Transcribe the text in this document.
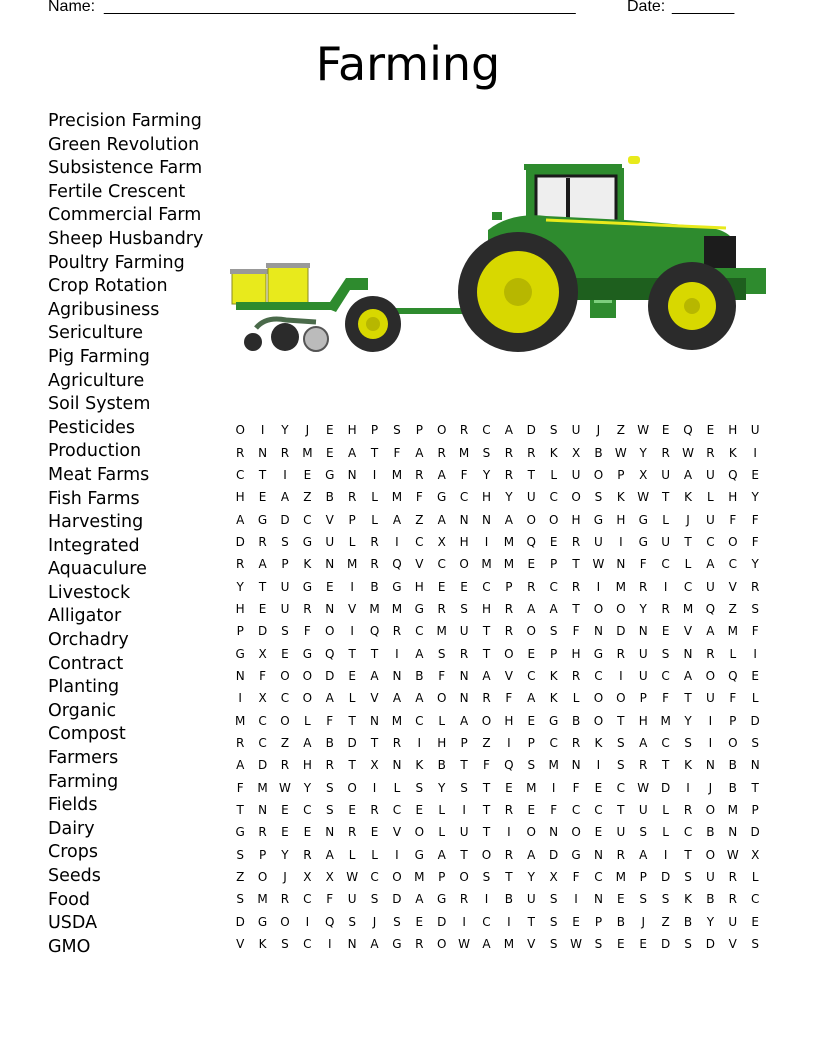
Name: _____________________________________________________	Date: _______
Farming
Precision Farming
Green Revolution
Subsistence Farm
Fertile Crescent
Commercial Farm
Sheep Husbandry
Poultry Farming
Crop Rotation
Agribusiness
Sericulture
Pig Farming
Agriculture
Soil System
Pesticides
Production
Meat Farms
Fish Farms
Harvesting
Integrated
Aquaculure
Livestock
Alligator
Orchadry
Contract
Planting
Organic
Compost
Farmers
Farming
Fields
Dairy
Crops
Seeds
Food
USDA
GMO
O	I	Y	J	E	H	P	S	P	O	R	C	A	D	S	U	J	Z	W	E	Q	E	H	U
R	N	R	M	E	A	T	F	A	R	M	S	R	R	K	X	B	W	Y	R	W	R	K	I
C	T	I	E	G	N	I	M	R	A	F	Y	R	T	L	U	O	P	X	U	A	U	Q	E
H	E	A	Z	B	R	L	M	F	G	C	H	Y	U	C	O	S	K	W	T	K	L	H	Y
A	G	D	C	V	P	L	A	Z	A	N	N	A	O	O	H	G	H	G	L	J	U	F	F
D	R	S	G	U	L	R	I	C	X	H	I	M	Q	E	R	U	I	G	U	T	C	O	F
R	A	P	K	N	M	R	Q	V	C	O	M	M	E	P	T	W N	F	C	L	A	C	Y
Y	T	U	G	E	I	B	G	H	E	E	C	P	R	C	R	I	M	R	I	C	U	V	R
H	E	U	R	N	V	M	M	G	R	S	H	R	A	A	T	O	O	Y	R	M	Q	Z	S
P	D	S	F	O	I	Q	R	C	M	U	T	R	O	S	F	N	D	N	E	V	A	M	F
G	X	E	G	Q	T	T	I	A	S	R	T	O	E	P	H	G	R	U	S	N	R	L	I
N	F	O	O	D	E	A	N	B	F	N	A	V	C	K	R	C	I	U	C	A	O	Q	E
I	X	C	O	A	L	V	A	A	O	N	R	F	A	K	L	O	O	P	F	T	U	F	L
M	C	O	L	F	T	N	M	C	L	A	O	H	E	G	B	O	T	H	M	Y	I	P	D
R	C	Z	A	B	D	T	R	I	H	P	Z	I	P	C	R	K	S	A	C	S	I	O	S
A	D	R	H	R	T	X	N	K	B	T	F	Q	S	M	N	I	S	R	T	K	N	B	N
F	M W	Y	S	O	I	L	S	Y	S	T	E	M	I	F	E	C	W D	I	J	B	T
T	N	E	C	S	E	R	C	E	L	I	T	R	E	F	C	C	T	U	L	R	O	M	P
G	R	E	E	N	R	E	V	O	L	U	T	I	O	N	O	E	U	S	L	C	B	N	D
S	P	Y	R	A	L	L	I	G	A	T	O	R	A	D	G	N	R	A	I	T	O W	X
Z	O	J	X	X	W	C	O	M	P	O	S	T	Y	X	F	C	M	P	D	S	U	R	L
S	M	R	C	F	U	S	D	A	G	R	I	B	U	S	I	N	E	S	S	K	B	R	C
D	G	O	I	Q	S	J	S	E	D	I	C	I	T	S	E	P	B	J	Z	B	Y	U	E
V	K	S	C	I	N	A	G	R	O W	A	M	V	S	W	S	E	E	D	S	D	V	S
